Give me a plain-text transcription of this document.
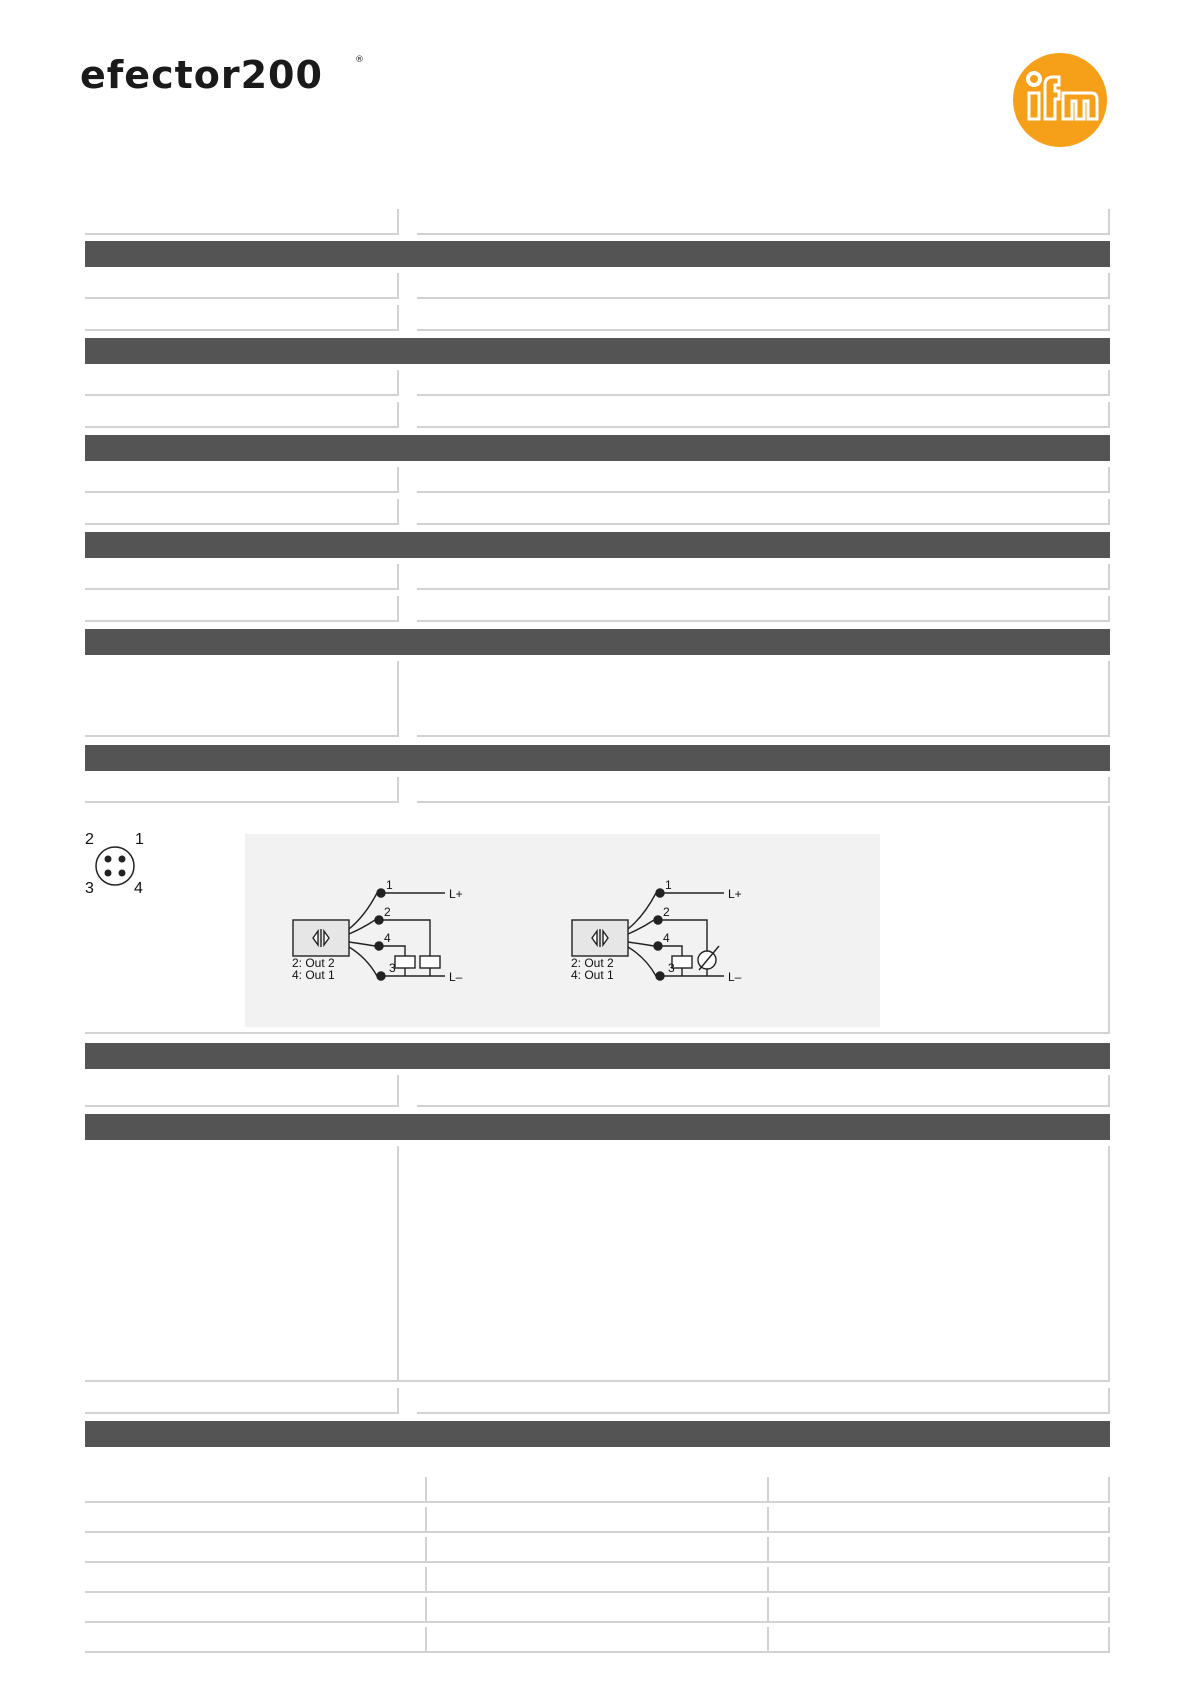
efector200	®
2	1
3	4	1
2
4
3
L+
L–
2: Out 2
4: Out 1
1
2
4
3
L+
L–
2: Out 2
4: Out 1
